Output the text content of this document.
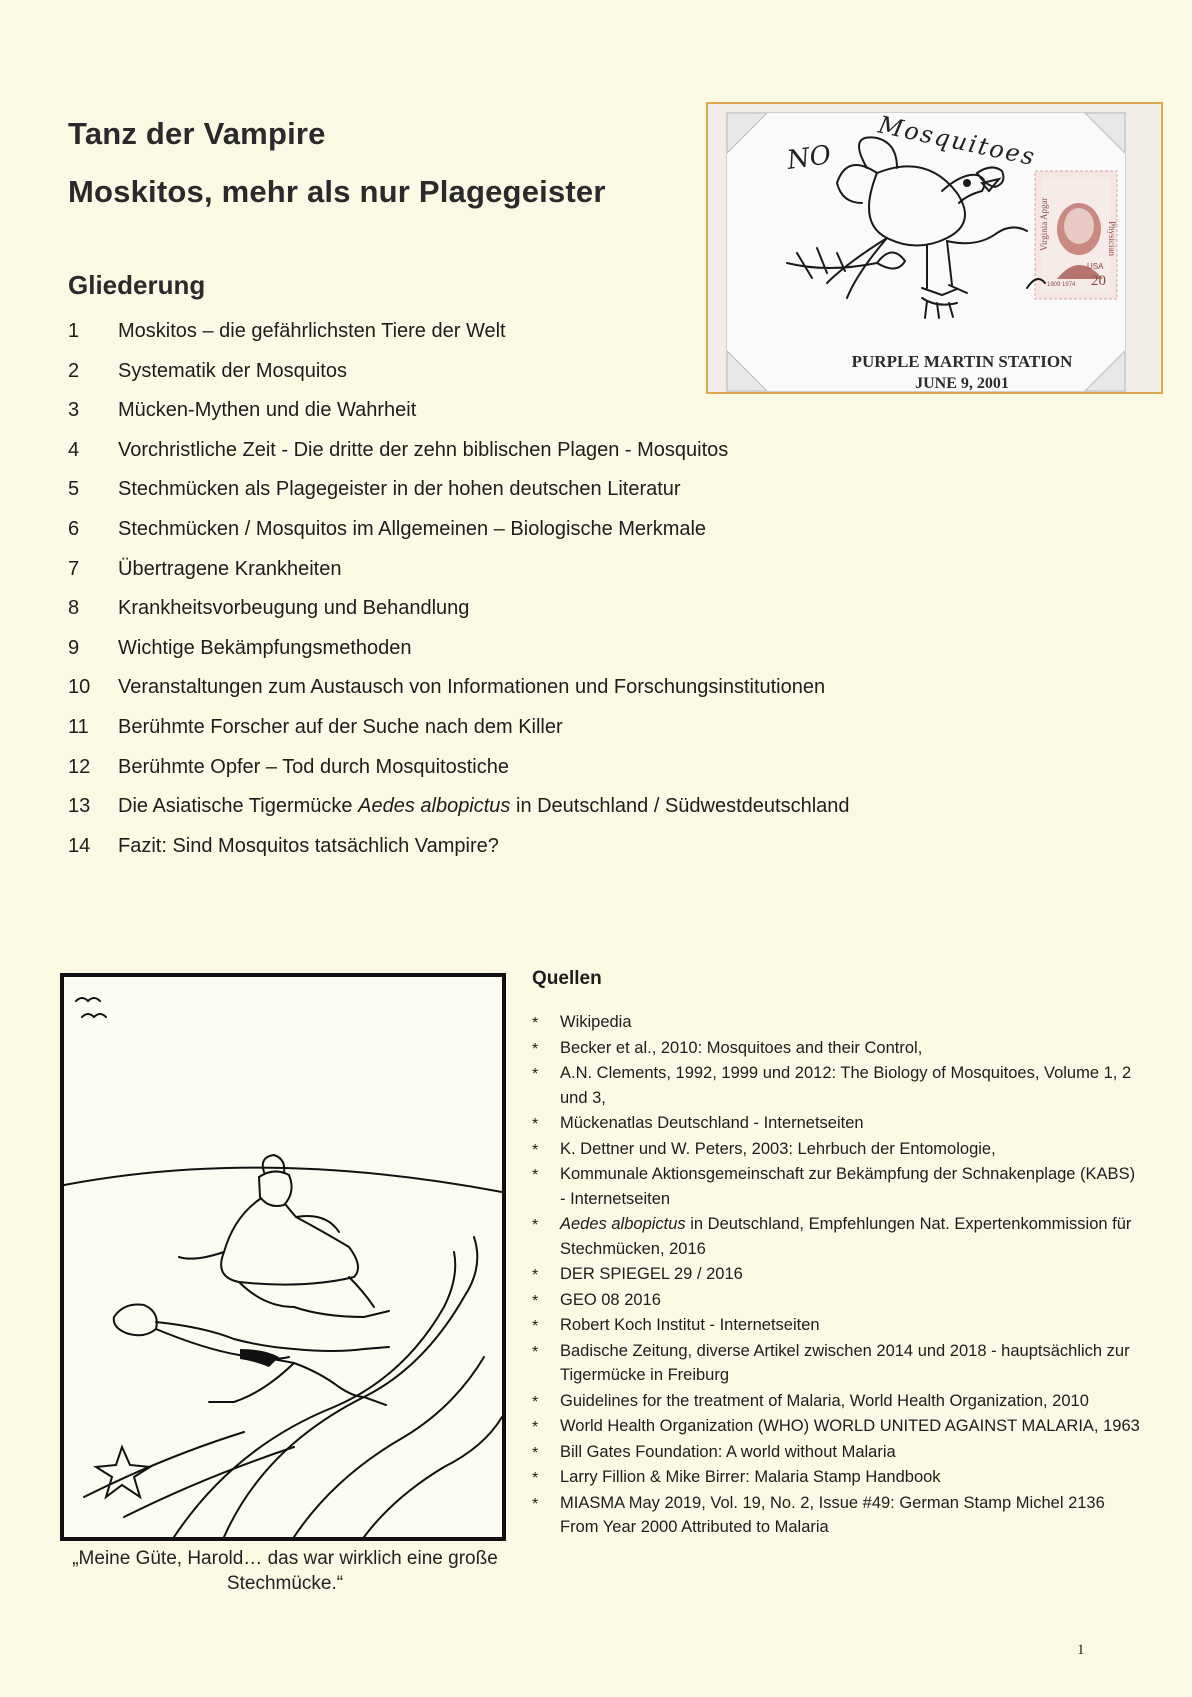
Tanz der Vampire
Moskitos, mehr als nur Plagegeister
Gliederung
1	Moskitos – die gefährlichsten Tiere der Welt
2	Systematik der Mosquitos
3	Mücken-Mythen und die Wahrheit
4	Vorchristliche Zeit - Die dritte der zehn biblischen Plagen - Mosquitos
5	Stechmücken als Plagegeister in der hohen deutschen Literatur
6	Stechmücken / Mosquitos im Allgemeinen – Biologische Merkmale
7	Übertragene Krankheiten
8	Krankheitsvorbeugung und Behandlung
9	Wichtige Bekämpfungsmethoden
10	Veranstaltungen zum Austausch von Informationen und Forschungsinstitutionen
11	Berühmte Forscher auf der Suche nach dem Killer
12	Berühmte Opfer – Tod durch Mosquitostiche
13	Die Asiatische Tigermücke Aedes albopictus in Deutschland / Südwestdeutschland
14	Fazit: Sind Mosquitos tatsächlich Vampire?
Virginia Apgar	Physician
USA
20
1909 1974
NO Mosquitoes
PURPLE MARTIN STATION
JUNE 9, 2001
„Meine Güte, Harold… das war wirklich eine große Stechmücke.“
Quellen
* Wikipedia
* Becker et al., 2010: Mosquitoes and their Control,
* A.N. Clements, 1992, 1999 und 2012: The Biology of Mosquitoes, Volume 1, 2 und 3,
* Mückenatlas Deutschland - Internetseiten
* K. Dettner und W. Peters, 2003: Lehrbuch der Entomologie,
* Kommunale Aktionsgemeinschaft zur Bekämpfung der Schnakenplage (KABS) - Internetseiten
* Aedes albopictus in Deutschland, Empfehlungen Nat. Expertenkommission für Stechmücken, 2016
* DER SPIEGEL 29 / 2016
* GEO 08 2016
* Robert Koch Institut - Internetseiten
* Badische Zeitung, diverse Artikel zwischen 2014 und 2018 - hauptsächlich zur Tigermücke in Freiburg
* Guidelines for the treatment of Malaria, World Health Organization, 2010
* World Health Organization (WHO) WORLD UNITED AGAINST MALARIA, 1963
* Bill Gates Foundation: A world without Malaria
* Larry Fillion & Mike Birrer: Malaria Stamp Handbook
* MIASMA May 2019, Vol. 19, No. 2, Issue #49: German Stamp Michel 2136 From Year 2000 Attributed to Malaria
1
